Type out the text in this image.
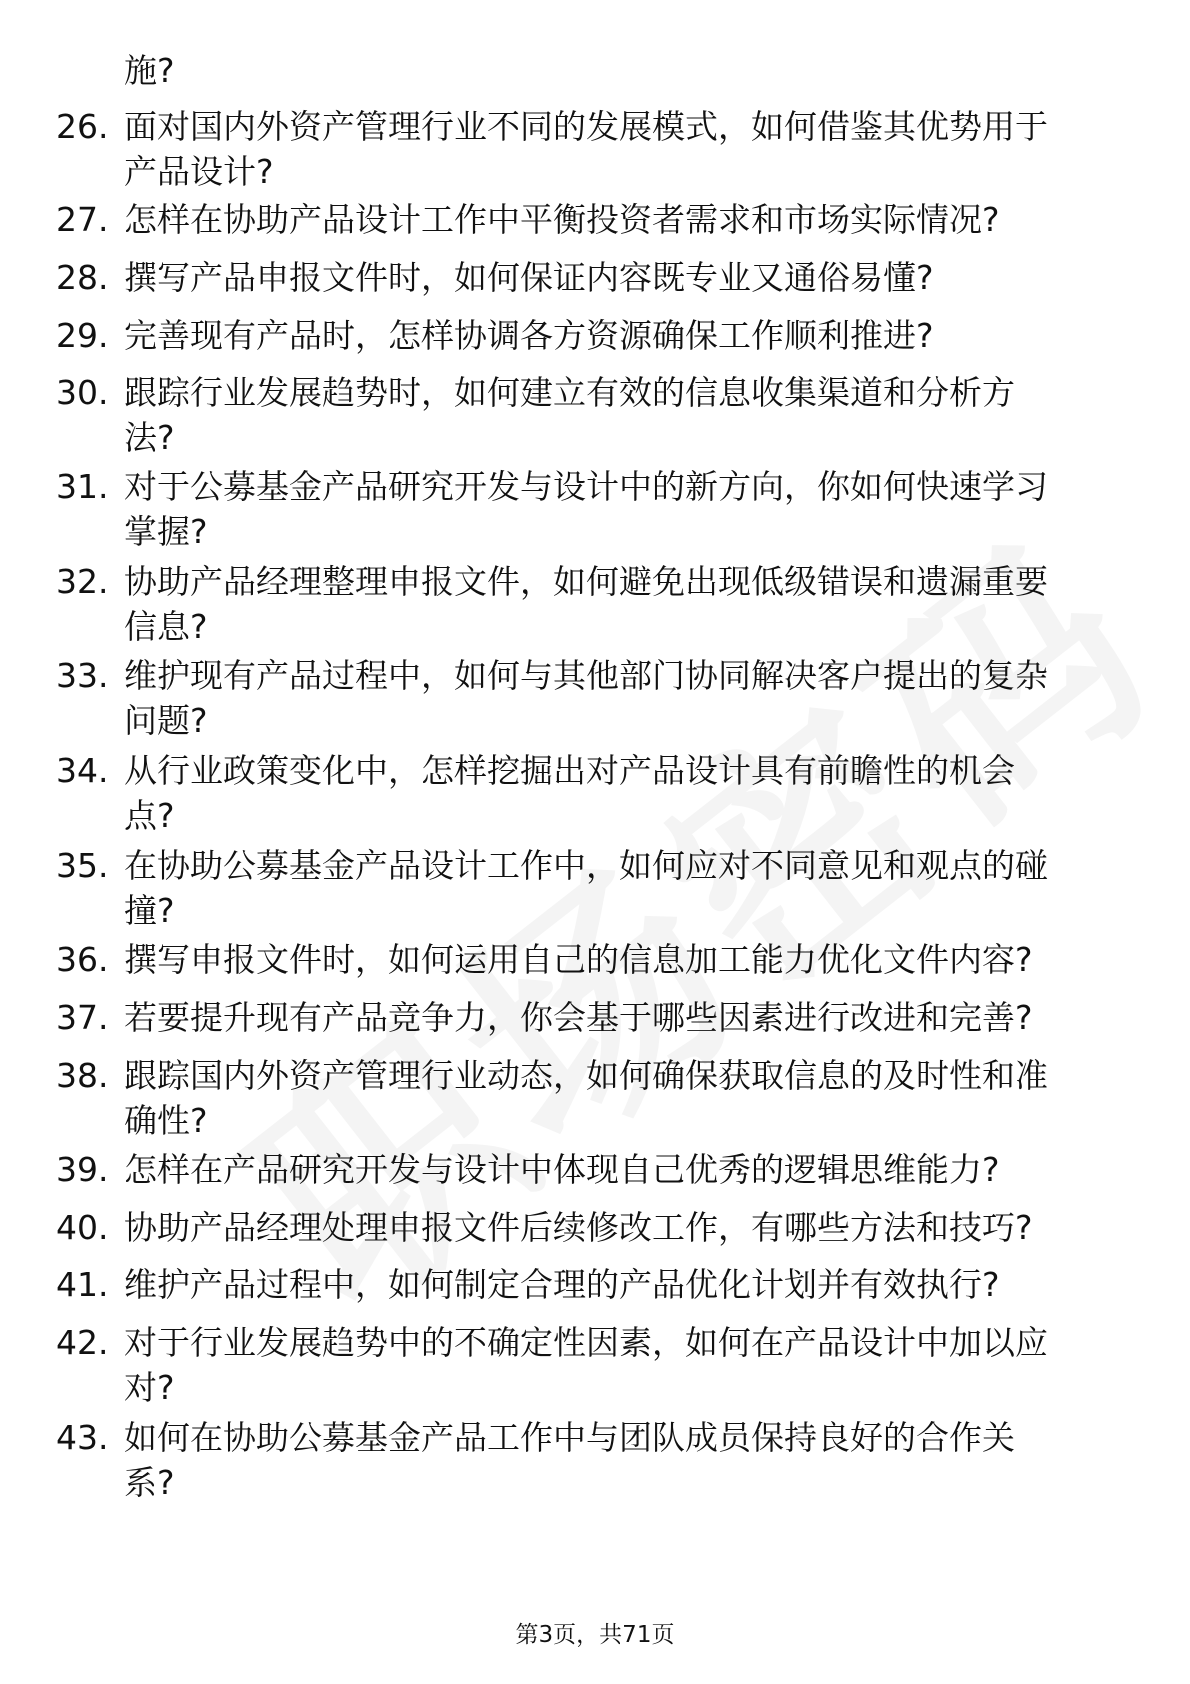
施?
26. 面对国内外资产管理行业不同的发展模式，如何借鉴其优势用于
产品设计?
27. 怎样在协助产品设计工作中平衡投资者需求和市场实际情况?
28. 撰写产品申报文件时，如何保证内容既专业又通俗易懂?
29. 完善现有产品时，怎样协调各方资源确保工作顺利推进?
30. 跟踪行业发展趋势时，如何建立有效的信息收集渠道和分析方
法?
31. 对于公募基金产品研究开发与设计中的新方向，你如何快速学习
掌握?
32. 协助产品经理整理申报文件，如何避免出现低级错误和遗漏重要
信息?
33. 维护现有产品过程中，如何与其他部门协同解决客户提出的复杂
问题?
34. 从行业政策变化中，怎样挖掘出对产品设计具有前瞻性的机会
点?
35. 在协助公募基金产品设计工作中，如何应对不同意见和观点的碰
撞?
36. 撰写申报文件时，如何运用自己的信息加工能力优化文件内容?
37. 若要提升现有产品竞争力，你会基于哪些因素进行改进和完善?
38. 跟踪国内外资产管理行业动态，如何确保获取信息的及时性和准
确性?
39. 怎样在产品研究开发与设计中体现自己优秀的逻辑思维能力?
40. 协助产品经理处理申报文件后续修改工作，有哪些方法和技巧?
41. 维护产品过程中，如何制定合理的产品优化计划并有效执行?
42. 对于行业发展趋势中的不确定性因素，如何在产品设计中加以应
对?
43. 如何在协助公募基金产品工作中与团队成员保持良好的合作关
系?
第3页，共71页
